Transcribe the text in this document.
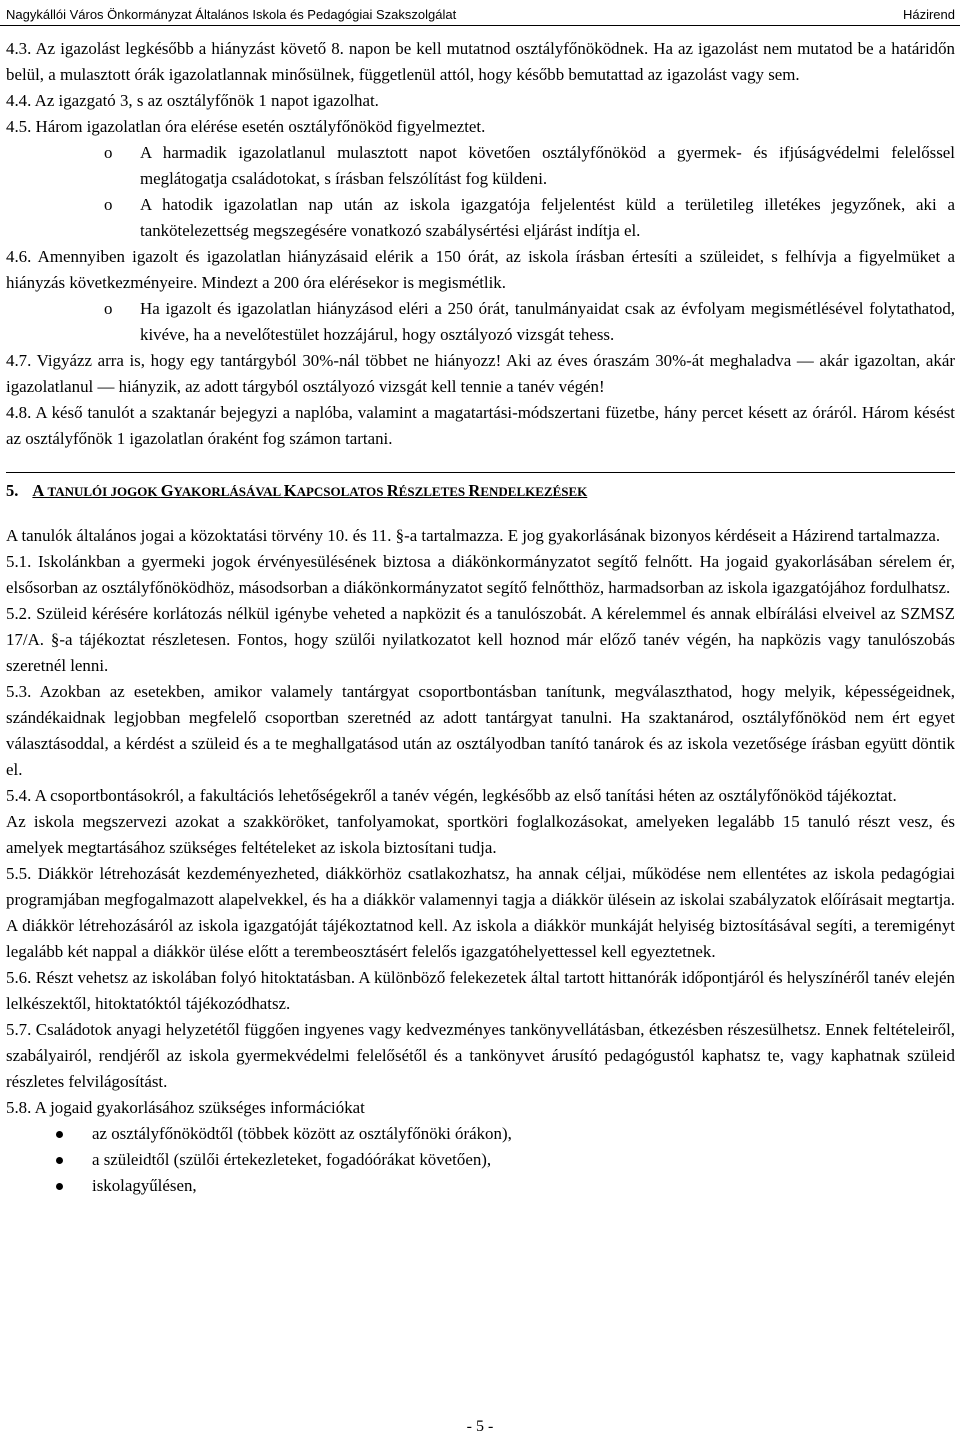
Nagykállói Város Önkormányzat Általános Iskola és Pedagógiai Szakszolgálat	Házirend

4.3. Az igazolást legkésőbb a hiányzást követő 8. napon be kell mutatnod osztályfőnöködnek. Ha az igazolást nem mutatod be a határidőn belül, a mulasztott órák igazolatlannak minősülnek, függetlenül attól, hogy később bemutattad az igazolást vagy sem.

4.4. Az igazgató 3, s az osztályfőnök 1 napot igazolhat.

4.5. Három igazolatlan óra elérése esetén osztályfőnököd figyelmeztet.

o A harmadik igazolatlanul mulasztott napot követően osztályfőnököd a gyermek- és ifjúságvédelmi felelőssel meglátogatja családotokat, s írásban felszólítást fog küldeni.
o A hatodik igazolatlan nap után az iskola igazgatója feljelentést küld a területileg illetékes jegyzőnek, aki a tankötelezettség megszegésére vonatkozó szabálysértési eljárást indítja el.

4.6. Amennyiben igazolt és igazolatlan hiányzásaid elérik a 150 órát, az iskola írásban értesíti a szüleidet, s felhívja a figyelmüket a hiányzás következményeire. Mindezt a 200 óra elérésekor is megismétlik.

o Ha igazolt és igazolatlan hiányzásod eléri a 250 órát, tanulmányaidat csak az évfolyam megismétlésével folytathatod, kivéve, ha a nevelőtestület hozzájárul, hogy osztályozó vizsgát tehess.

4.7. Vigyázz arra is, hogy egy tantárgyból 30%-nál többet ne hiányozz! Aki az éves óraszám 30%-át meghaladva — akár igazoltan, akár igazolatlanul — hiányzik, az adott tárgyból osztályozó vizsgát kell tennie a tanév végén!

4.8. A késő tanulót a szaktanár bejegyzi a naplóba, valamint a magatartási-módszertani füzetbe, hány percet késett az óráról. Három késést az osztályfőnök 1 igazolatlan óraként fog számon tartani.

5. A TANULÓI JOGOK GYAKORLÁSÁVAL KAPCSOLATOS RÉSZLETES RENDELKEZÉSEK

A tanulók általános jogai a közoktatási törvény 10. és 11. §-a tartalmazza. E jog gyakorlásának bizonyos kérdéseit a Házirend tartalmazza.

5.1. Iskolánkban a gyermeki jogok érvényesülésének biztosa a diákönkormányzatot segítő felnőtt. Ha jogaid gyakorlásában sérelem ér, elsősorban az osztályfőnöködhöz, másodsorban a diákönkormányzatot segítő felnőtthöz, harmadsorban az iskola igazgatójához fordulhatsz.

5.2. Szüleid kérésére korlátozás nélkül igénybe veheted a napközit és a tanulószobát. A kérelemmel és annak elbírálási elveivel az SZMSZ 17/A. §-a tájékoztat részletesen. Fontos, hogy szülői nyilatkozatot kell hoznod már előző tanév végén, ha napközis vagy tanulószobás szeretnél lenni.

5.3. Azokban az esetekben, amikor valamely tantárgyat csoportbontásban tanítunk, megválaszthatod, hogy melyik, képességeidnek, szándékaidnak legjobban megfelelő csoportban szeretnéd az adott tantárgyat tanulni. Ha szaktanárod, osztályfőnököd nem ért egyet választásoddal, a kérdést a szüleid és a te meghallgatásod után az osztályodban tanító tanárok és az iskola vezetősége írásban együtt döntik el.

5.4. A csoportbontásokról, a fakultációs lehetőségekről a tanév végén, legkésőbb az első tanítási héten az osztályfőnököd tájékoztat.

Az iskola megszervezi azokat a szakköröket, tanfolyamokat, sportköri foglalkozásokat, amelyeken legalább 15 tanuló részt vesz, és amelyek megtartásához szükséges feltételeket az iskola biztosítani tudja.

5.5. Diákkör létrehozását kezdeményezheted, diákkörhöz csatlakozhatsz, ha annak céljai, működése nem ellentétes az iskola pedagógiai programjában megfogalmazott alapelvekkel, és ha a diákkör valamennyi tagja a diákkör ülésein az iskolai szabályzatok előírásait megtartja. A diákkör létrehozásáról az iskola igazgatóját tájékoztatnod kell. Az iskola a diákkör munkáját helyiség biztosításával segíti, a teremigényt legalább két nappal a diákkör ülése előtt a terembeosztásért felelős igazgatóhelyettessel kell egyeztetnek.

5.6. Részt vehetsz az iskolában folyó hitoktatásban. A különböző felekezetek által tartott hittanórák időpontjáról és helyszínéről tanév elején lelkészektől, hitoktatóktól tájékozódhatsz.

5.7. Családotok anyagi helyzetétől függően ingyenes vagy kedvezményes tankönyvellátásban, étkezésben részesülhetsz. Ennek feltételeiről, szabályairól, rendjéről az iskola gyermekvédelmi felelősétől és a tankönyvet árusító pedagógustól kaphatsz te, vagy kaphatnak szüleid részletes felvilágosítást.

5.8. A jogaid gyakorlásához szükséges információkat

az osztályfőnöködtől (többek között az osztályfőnöki órákon),
a szüleidtől (szülői értekezleteket, fogadóórákat követően),
iskolagyűlésen,
- 5 -
